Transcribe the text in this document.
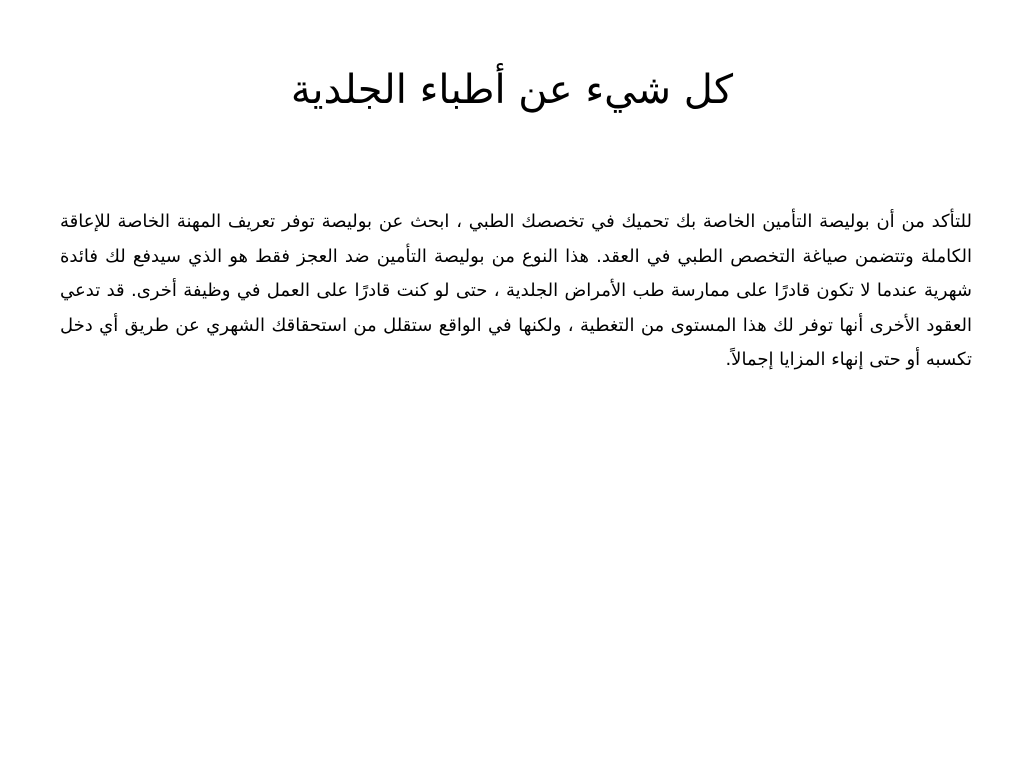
كل شيء عن أطباء الجلدية

للتأكد من أن بوليصة التأمين الخاصة بك تحميك في تخصصك الطبي ، ابحث عن بوليصة توفر تعريف المهنة الخاصة للإعاقة الكاملة وتتضمن صياغة التخصص الطبي في العقد. هذا النوع من بوليصة التأمين ضد العجز فقط هو الذي سيدفع لك فائدة شهرية عندما لا تكون قادرًا على ممارسة طب الأمراض الجلدية ، حتى لو كنت قادرًا على العمل في وظيفة أخرى. قد تدعي العقود الأخرى أنها توفر لك هذا المستوى من التغطية ، ولكنها في الواقع ستقلل من استحقاقك الشهري عن طريق أي دخل تكسبه أو حتى إنهاء المزايا إجمالاً.
